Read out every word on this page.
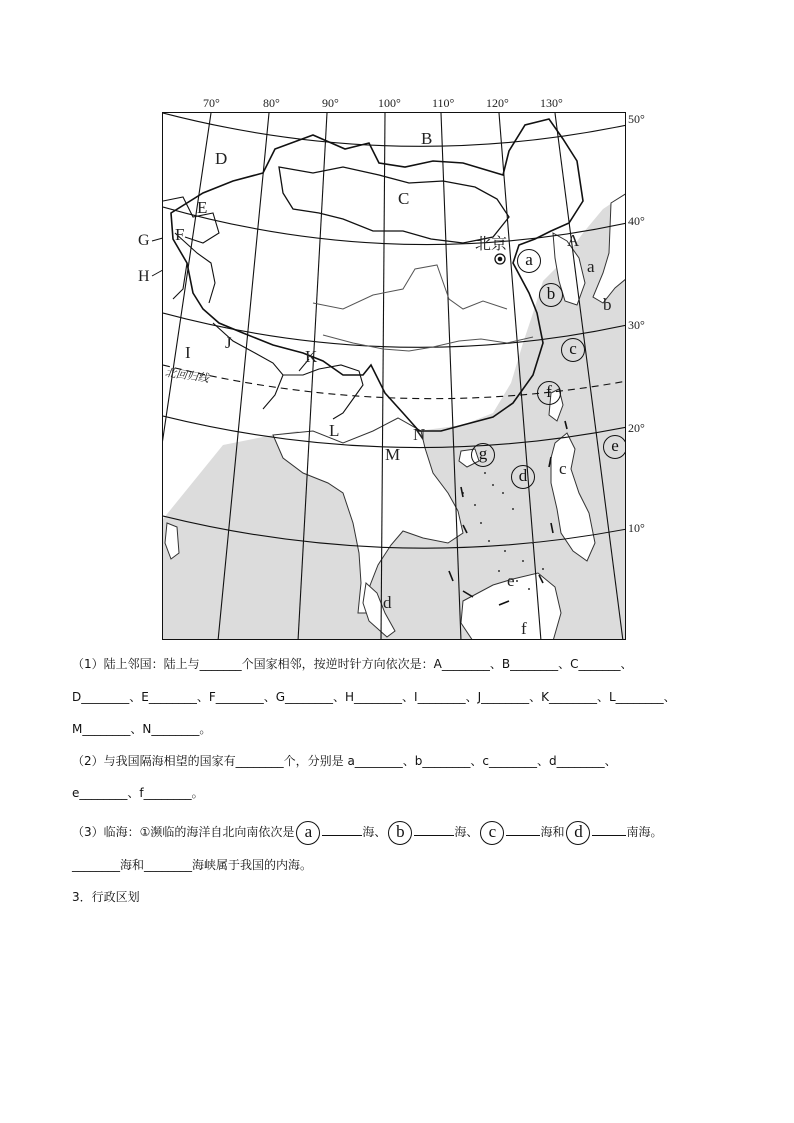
70°	80°	90°	100°	110°	120°	130°
50°
40°
30°
20°
10°
G
H
A
B
C
D
E
F
I
J
K
L
M
N
a
b
c
d
e
f
a
b
c
d
e
f
g
北回归线
北京
（1）陆上邻国：陆上与_______个国家相邻，按逆时针方向依次是：A________、B________、C_______、
D________、E________、F________、G________、H________、I________、J________、K________、L________、
M________、N________。
（2）与我国隔海相望的国家有________个，分别是 a________、b________、c________、d________、
e________、f________。
（3）临海：①濒临的海洋自北向南依次是 a	海、 b	海、 c	海和 d	南海。
________海和________海峡属于我国的内海。
3．行政区划
